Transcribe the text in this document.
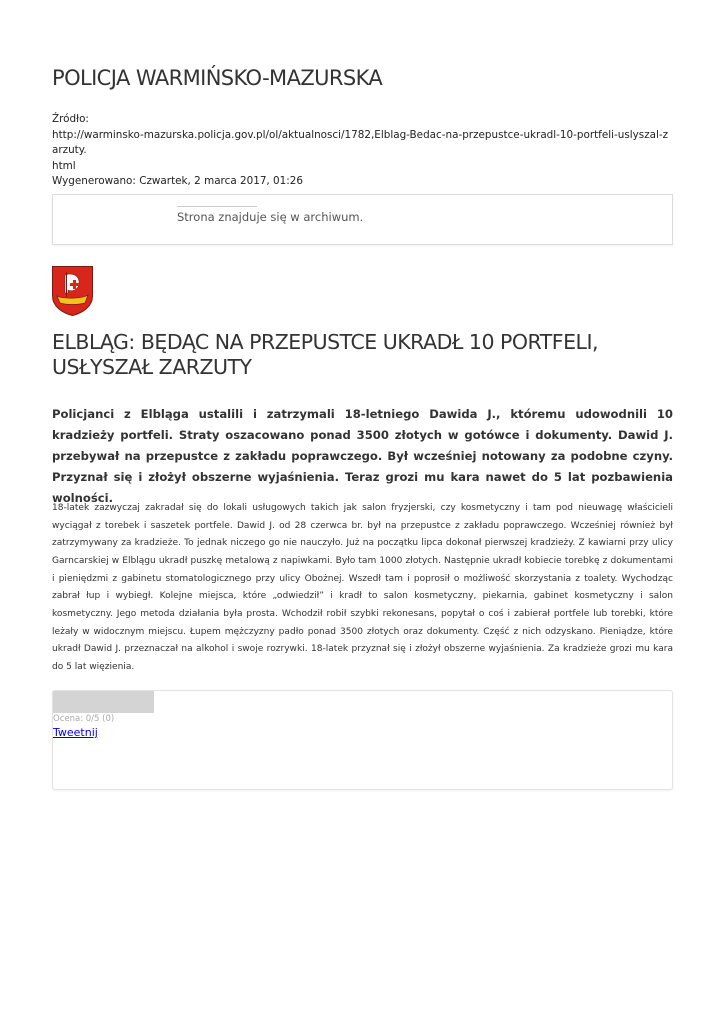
POLICJA WARMIŃSKO-MAZURSKA
Źródło:
http://warminsko-mazurska.policja.gov.pl/ol/aktualnosci/1782,Elblag-Bedac-na-przepustce-ukradl-10-portfeli-uslyszal-zarzuty.
html
Wygenerowano: Czwartek, 2 marca 2017, 01:26
Strona znajduje się w archiwum.
ELBLĄG: BĘDĄC NA PRZEPUSTCE UKRADŁ 10 PORTFELI, USŁYSZAŁ ZARZUTY

Policjanci z Elbląga ustalili i zatrzymali 18-letniego Dawida J., któremu udowodnili 10 kradzieży portfeli. Straty oszacowano ponad 3500 złotych w gotówce i dokumenty. Dawid J. przebywał na przepustce z zakładu poprawczego. Był wcześniej notowany za podobne czyny. Przyznał się i złożył obszerne wyjaśnienia. Teraz grozi mu kara nawet do 5 lat pozbawienia wolności.

18-latek zazwyczaj zakradał się do lokali usługowych takich jak salon fryzjerski, czy kosmetyczny i tam pod nieuwagę właścicieli wyciągał z torebek i saszetek portfele. Dawid J. od 28 czerwca br. był na przepustce z zakładu poprawczego. Wcześniej również był zatrzymywany za kradzieże. To jednak niczego go nie nauczyło. Już na początku lipca dokonał pierwszej kradzieży. Z kawiarni przy ulicy Garncarskiej w Elblągu ukradł puszkę metalową z napiwkami. Było tam 1000 złotych. Następnie ukradł kobiecie torebkę z dokumentami i pieniędzmi z gabinetu stomatologicznego przy ulicy Obożnej. Wszedł tam i poprosił o możliwość skorzystania z toalety. Wychodząc zabrał łup i wybiegł. Kolejne miejsca, które „odwiedził” i kradł to salon kosmetyczny, piekarnia, gabinet kosmetyczny i salon kosmetyczny. Jego metoda działania była prosta. Wchodził robił szybki rekonesans, popytał o coś i zabierał portfele lub torebki, które leżały w widocznym miejscu. Łupem mężczyzny padło ponad 3500 złotych oraz dokumenty. Część z nich odzyskano. Pieniądze, które ukradł Dawid J. przeznaczał na alkohol i swoje rozrywki. 18-latek przyznał się i złożył obszerne wyjaśnienia. Za kradzieże grozi mu kara do 5 lat więzienia.

Ocena: 0/5 (0)
Tweetnij
